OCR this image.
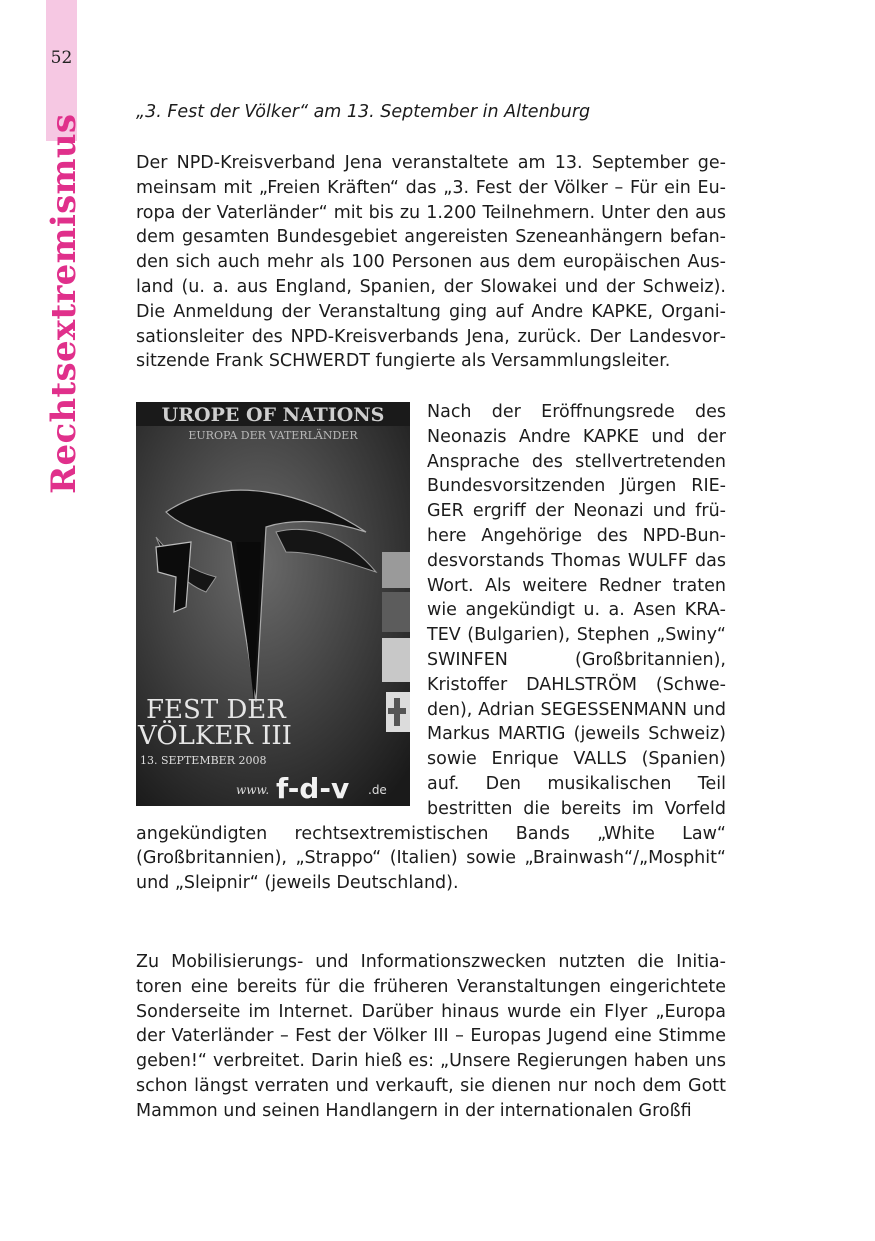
52
Rechtsextremismus
„3. Fest der Völker“ am 13. September in Altenburg
Der NPD-Kreisverband Jena veranstaltete am 13. September gemeinsam mit „Freien Kräften“ das „3. Fest der Völker – Für ein Europa der Vaterländer“ mit bis zu 1.200 Teilnehmern. Unter den aus dem gesamten Bundesgebiet angereisten Szeneanhängern befanden sich auch mehr als 100 Personen aus dem europäischen Ausland (u. a. aus England, Spanien, der Slowakei und der Schweiz). Die Anmeldung der Veranstaltung ging auf Andre KAPKE, Organisationsleiter des NPD-Kreisverbands Jena, zurück. Der Landesvorsitzende Frank SCHWERDT fungierte als Versammlungsleiter.
UROPE OF NATIONS
EUROPA DER VATERLÄNDER
FEST DER
VÖLKER III
13. SEPTEMBER 2008
www. f-d-v .de
Nach der Eröffnungsrede des Neonazis Andre KAPKE und der Ansprache des stellvertretenden Bundesvorsitzenden Jürgen RIEGER ergriff der Neonazi und frühere Angehörige des NPD-Bundesvorstands Thomas WULFF das Wort. Als weitere Redner traten wie angekündigt u. a. Asen KRATEV (Bulgarien), Stephen „Swiny“ SWINFEN (Großbritannien), Kristoffer DAHLSTRÖM (Schweden), Adrian SEGESSENMANN und Markus MARTIG (jeweils Schweiz) sowie Enrique VALLS (Spanien) auf. Den musikalischen Teil bestritten die bereits im Vorfeld angekündigten rechtsextremistischen Bands „White Law“ (Großbritannien), „Strappo“ (Italien) sowie „Brainwash“/„Mosphit“ und „Sleipnir“ (jeweils Deutschland).
Zu Mobilisierungs- und Informationszwecken nutzten die Initiatoren eine bereits für die früheren Veranstaltungen eingerichtete Sonderseite im Internet. Darüber hinaus wurde ein Flyer „Europa der Vaterländer – Fest der Völker III – Europas Jugend eine Stimme geben!“ verbreitet. Darin hieß es: „Unsere Regierungen haben uns schon längst verraten und verkauft, sie dienen nur noch dem Gott Mammon und seinen Handlangern in der internationalen Großfi
